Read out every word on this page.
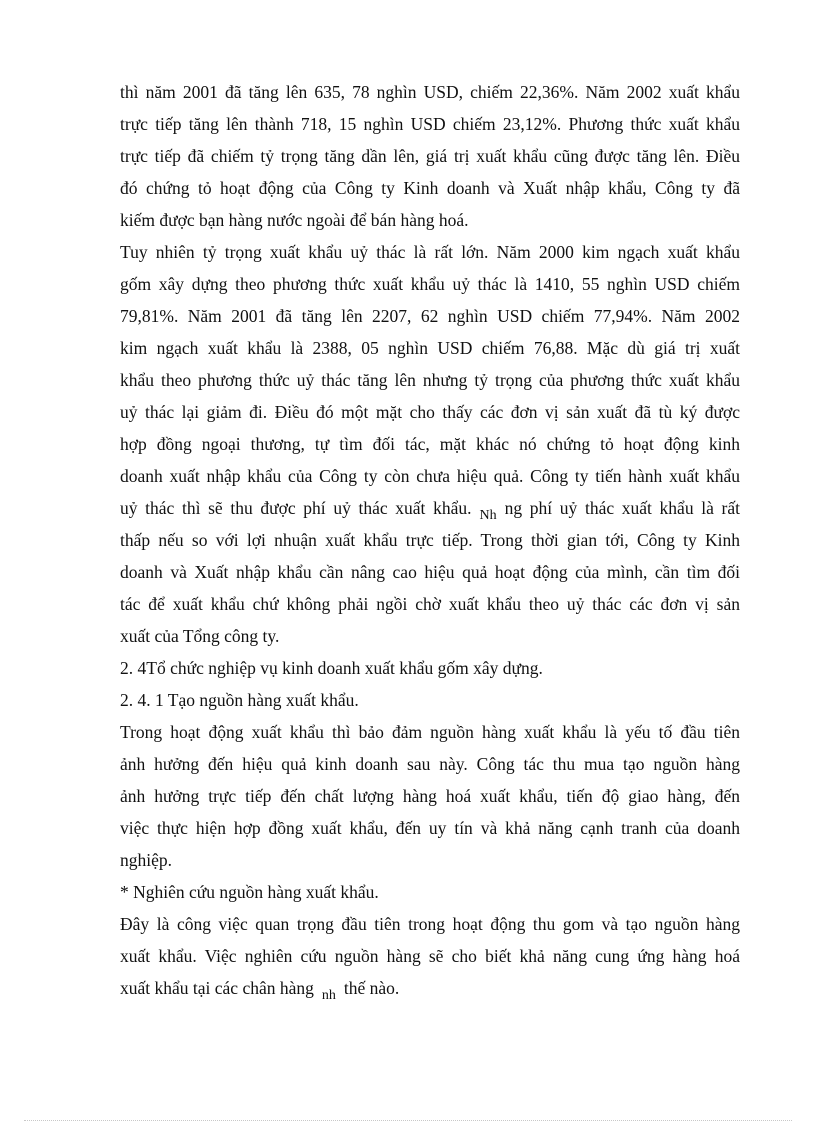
thì năm 2001 đã tăng lên 635, 78 nghìn USD, chiếm 22,36%. Năm 2002 xuất khẩu

trực tiếp tăng lên thành 718, 15 nghìn USD chiếm 23,12%. Phương thức xuất khẩu

trực tiếp đã chiếm tỷ trọng tăng dần lên, giá trị xuất khẩu cũng được tăng lên. Điều

đó chứng tỏ hoạt động của Công ty Kinh doanh và Xuất nhập khẩu, Công ty đã

kiếm được bạn hàng nước ngoài để bán hàng hoá.

Tuy nhiên tỷ trọng xuất khẩu uỷ thác là rất lớn. Năm 2000 kim ngạch xuất khẩu

gốm xây dựng theo phương thức xuất khẩu uỷ thác là 1410, 55 nghìn USD chiếm

79,81%. Năm 2001 đã tăng lên 2207, 62 nghìn USD chiếm 77,94%. Năm 2002

kim ngạch xuất khẩu là 2388, 05 nghìn USD chiếm 76,88. Mặc dù giá trị xuất

khẩu theo phương thức uỷ thác tăng lên nhưng tỷ trọng của phương thức xuất khẩu

uỷ thác lại giảm đi. Điều đó một mặt cho thấy các đơn vị sản xuất đã tù ký được

hợp đồng ngoại thương, tự tìm đối tác, mặt khác nó chứng tỏ hoạt động kinh

doanh xuất nhập khẩu của Công ty còn chưa hiệu quả. Công ty tiến hành xuất khẩu

uỷ thác thì sẽ thu được phí uỷ thác xuất khẩu. Nh ng phí uỷ thác xuất khẩu là rất

thấp nếu so với lợi nhuận xuất khẩu trực tiếp. Trong thời gian tới, Công ty Kinh

doanh và Xuất nhập khẩu cần nâng cao hiệu quả hoạt động của mình, cần tìm đối

tác để xuất khẩu chứ không phải ngồi chờ xuất khẩu theo uỷ thác các đơn vị sản

xuất của Tổng công ty.

2. 4Tổ chức nghiệp vụ kinh doanh xuất khẩu gốm xây dựng.

2. 4. 1 Tạo nguồn hàng xuất khẩu.

Trong hoạt động xuất khẩu thì bảo đảm nguồn hàng xuất khẩu là yếu tố đầu tiên

ảnh hưởng đến hiệu quả kinh doanh sau này. Công tác thu mua tạo nguồn hàng

ảnh hưởng trực tiếp đến chất lượng hàng hoá xuất khẩu, tiến độ giao hàng, đến

việc thực hiện hợp đồng xuất khẩu, đến uy tín và khả năng cạnh tranh của doanh

nghiệp.

* Nghiên cứu nguồn hàng xuất khẩu.

Đây là công việc quan trọng đầu tiên trong hoạt động thu gom và tạo nguồn hàng

xuất khẩu. Việc nghiên cứu nguồn hàng sẽ cho biết khả năng cung ứng hàng hoá

xuất khẩu tại các chân hàng nh thế nào.
